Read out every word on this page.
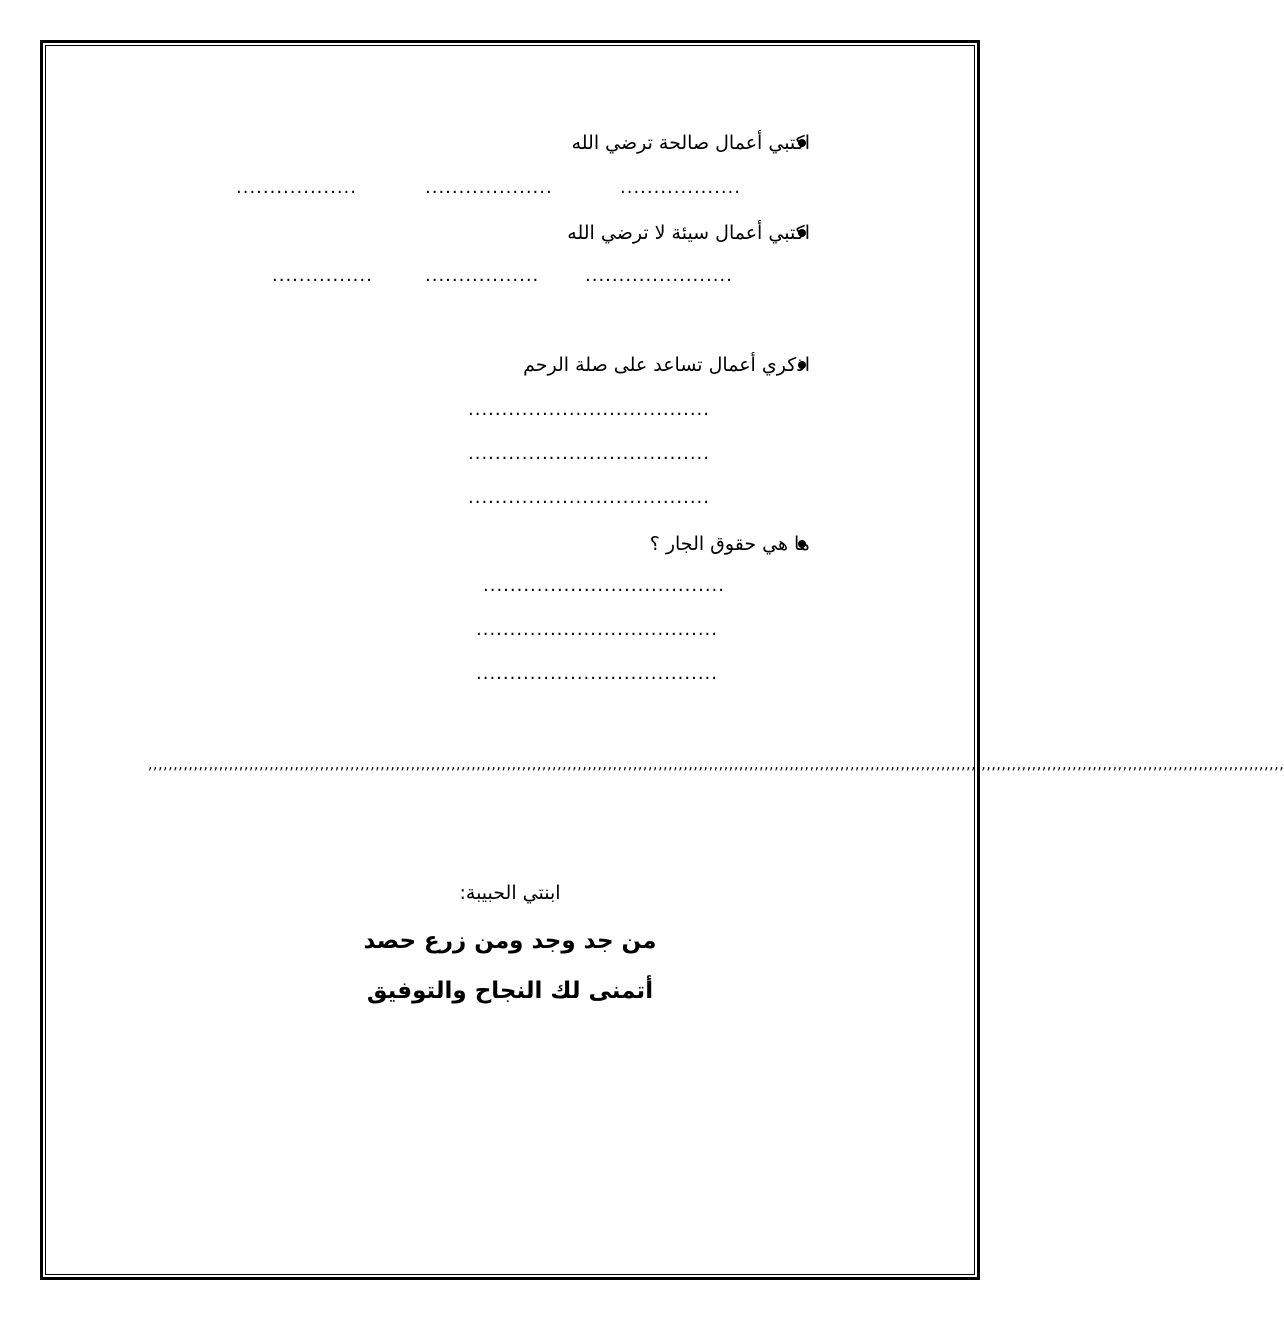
اكتبي أعمال صالحة ترضي الله
..................
...................
..................
اكتبي أعمال سيئة لا ترضي الله
......................
.................
...............
اذكري أعمال تساعد على صلة الرحم
....................................
....................................
....................................
ما هي حقوق الجار ؟
....................................
....................................
....................................
,,,,,,,,,,,,,,,,,,,,,,,,,,,,,,,,,,,,,,,,,,,,,,,,,,,,,,,,,,,,,,,,,,,,,,,,,,,,,,,,,,,,,,,,,,,,,,,,,,,,,,,,,,,,,,,,,,,,,,,,,,,,,,,,,,,,,,,,,,,,,,,,,,,,,,,,,,,,,,,,,,,,,,,,,,,,,,,,,,,,,,,,,,,,,,,,,,,,,,,,,,,,,,,,,,,,,,,,,,,,,,,,,
ابنتي الحبيبة:
من جد وجد ومن زرع حصد
أتمنى لك النجاح والتوفيق
